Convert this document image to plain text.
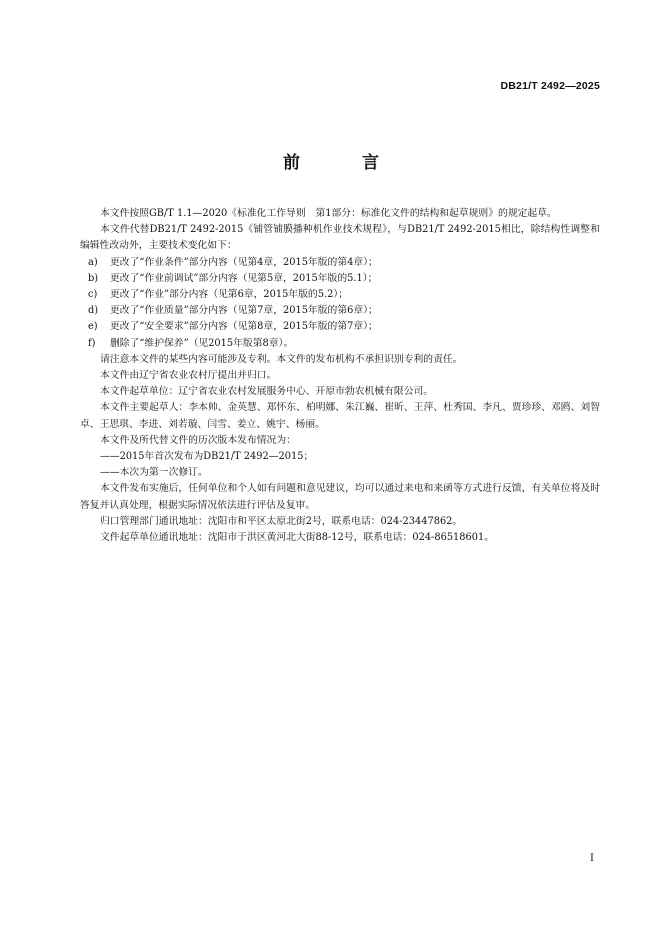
DB21/T 2492—2025
前 言

本文件按照GB/T 1.1—2020《标准化工作导则　第1部分：标准化文件的结构和起草规则》的规定起草。

本文件代替DB21/T 2492-2015《铺管铺膜播种机作业技术规程》，与DB21/T 2492-2015相比，除结构性调整和编辑性改动外，主要技术变化如下：

a) 更改了“作业条件”部分内容（见第4章，2015年版的第4章）；

b) 更改了“作业前调试”部分内容（见第5章，2015年版的5.1）；

c) 更改了“作业”部分内容（见第6章，2015年版的5.2）；

d) 更改了“作业质量”部分内容（见第7章，2015年版的第6章）；

e) 更改了“安全要求”部分内容（见第8章，2015年版的第7章）；

f) 删除了“维护保养”（见2015年版第8章）。

请注意本文件的某些内容可能涉及专利。本文件的发布机构不承担识别专利的责任。

本文件由辽宁省农业农村厅提出并归口。

本文件起草单位：辽宁省农业农村发展服务中心、开原市勃农机械有限公司。

本文件主要起草人：李本帅、金英慧、郑怀东、柏明娜、朱江巍、崔昕、王萍、杜秀国、李凡、贾珍珍、邓鸥、刘智卓、王思琪、李进、刘若璇、闫雪、姜立、姚宇、杨丽。

本文件及所代替文件的历次版本发布情况为：

——2015年首次发布为DB21/T 2492—2015；

——本次为第一次修订。

本文件发布实施后，任何单位和个人如有问题和意见建议，均可以通过来电和来函等方式进行反馈，有关单位将及时答复并认真处理，根据实际情况依法进行评估及复审。

归口管理部门通讯地址：沈阳市和平区太原北街2号，联系电话：024-23447862。

文件起草单位通讯地址：沈阳市于洪区黄河北大街88-12号，联系电话：024-86518601。

I
